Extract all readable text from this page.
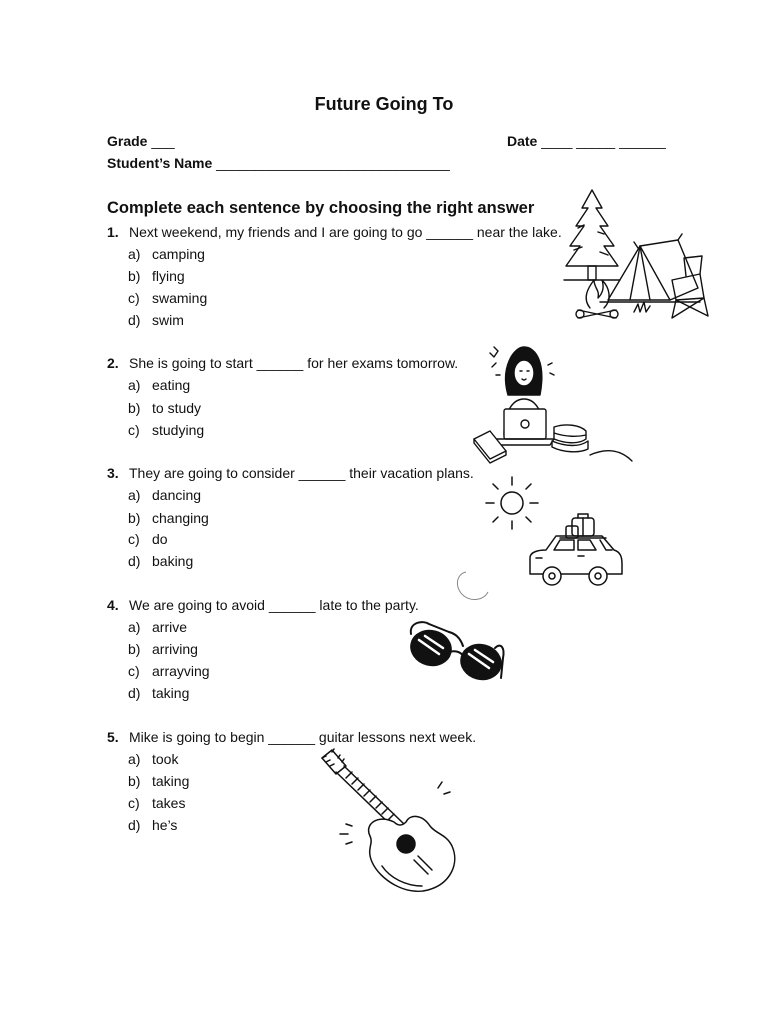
Future Going To
Grade ___	Date ____ _____ ______
Student’s Name ______________________________
Complete each sentence by choosing the right answer
1. Next weekend, my friends and I are going to go ______ near the lake.
a) camping
b) flying
c) swaming
d) swim
2. She is going to start ______ for her exams tomorrow.
a) eating
b) to study
c) studying
3. They are going to consider ______ their vacation plans.
a) dancing
b) changing
c) do
d) baking
4. We are going to avoid ______ late to the party.
a) arrive
b) arriving
c) arrayving
d) taking
5. Mike is going to begin ______ guitar lessons next week.
a) took
b) taking
c) takes
d) he’s
